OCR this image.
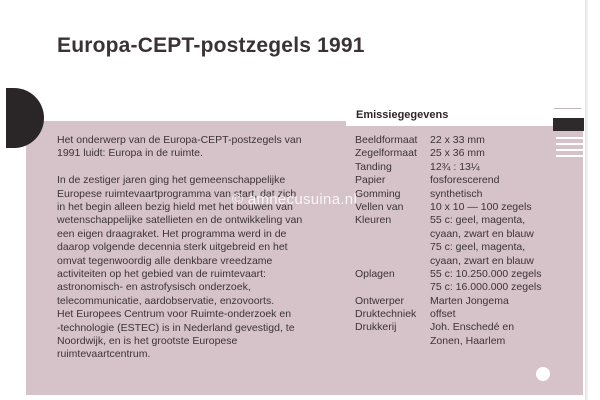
Europa-CEPT-postzegels 1991
Emissiegegevens

Het onderwerp van de Europa-CEPT-postzegels van

1991 luidt: Europa in de ruimte.

In de zestiger jaren ging het gemeenschappelijke

Europese ruimtevaartprogramma van start, dat zich

in het begin alleen bezig hield met het bouwen van

wetenschappelijke satellieten en de ontwikkeling van

een eigen draagraket. Het programma werd in de

daarop volgende decennia sterk uitgebreid en het

omvat tegenwoordig alle denkbare vreedzame

activiteiten op het gebied van de ruimtevaart:

astronomisch- en astrofysisch onderzoek,

telecommunicatie, aardobservatie, enzovoorts.

Het Europees Centrum voor Ruimte-onderzoek en

-technologie (ESTEC) is in Nederland gevestigd, te

Noordwijk, en is het grootste Europese

ruimtevaartcentrum.

Beeldformaat	22 x 33 mm
Zegelformaat	25 x 36 mm
Tanding	12¾ : 13¼
Papier	fosforescerend
Gomming	synthetisch
Vellen van	10 x 10 — 100 zegels
Kleuren	55 c: geel, magenta,
cyaan, zwart en blauw
75 c: geel, magenta,
cyaan, zwart en blauw
Oplagen	55 c: 10.250.000 zegels
75 c: 16.000.000 zegels
Ontwerper	Marten Jongema
Druktechniek	offset
Drukkerij	Joh. Enschedé en
Zonen, Haarlem
© amnecusuina.nl
